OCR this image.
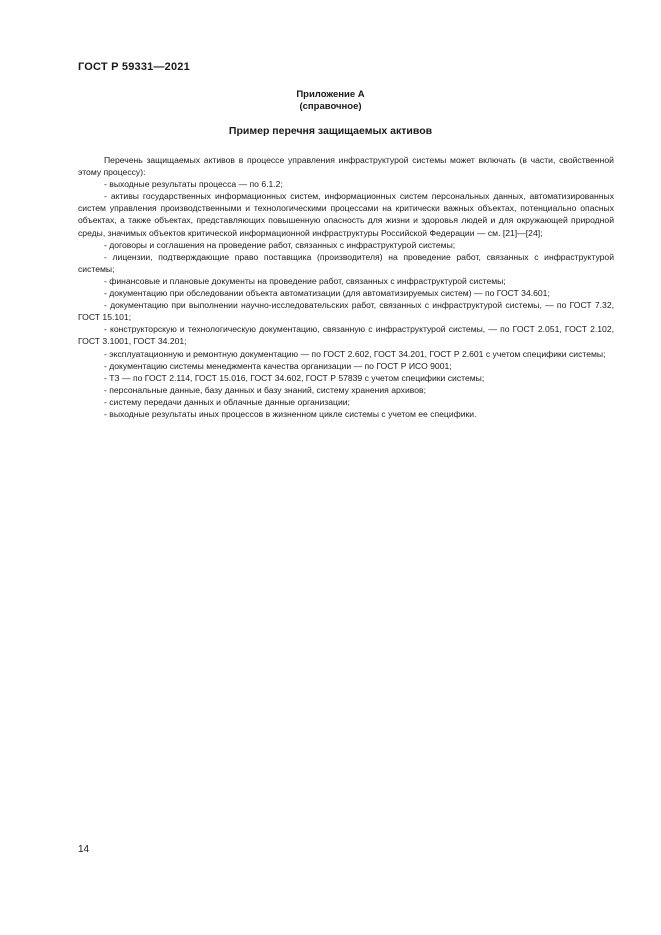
ГОСТ Р 59331—2021
Приложение А
(справочное)
Пример перечня защищаемых активов

Перечень защищаемых активов в процессе управления инфраструктурой системы может включать (в части, свойственной этому процессу):

- выходные результаты процесса — по 6.1.2;

- активы государственных информационных систем, информационных систем персональных данных, автоматизированных систем управления производственными и технологическими процессами на критически важных объектах, потенциально опасных объектах, а также объектах, представляющих повышенную опасность для жизни и здоровья людей и для окружающей природной среды, значимых объектов критической информационной инфраструктуры Российской Федерации — см. [21]—[24];

- договоры и соглашения на проведение работ, связанных с инфраструктурой системы;

- лицензии, подтверждающие право поставщика (производителя) на проведение работ, связанных с инфраструктурой системы;

- финансовые и плановые документы на проведение работ, связанных с инфраструктурой системы;

- документацию при обследовании объекта автоматизации (для автоматизируемых систем) — по ГОСТ 34.601;

- документацию при выполнении научно-исследовательских работ, связанных с инфраструктурой системы, — по ГОСТ 7.32, ГОСТ 15.101;

- конструкторскую и технологическую документацию, связанную с инфраструктурой системы, — по ГОСТ 2.051, ГОСТ 2.102, ГОСТ 3.1001, ГОСТ 34.201;

- эксплуатационную и ремонтную документацию — по ГОСТ 2.602, ГОСТ 34.201, ГОСТ Р 2.601 с учетом специфики системы;

- документацию системы менеджмента качества организации — по ГОСТ Р ИСО 9001;

- ТЗ — по ГОСТ 2.114, ГОСТ 15.016, ГОСТ 34.602, ГОСТ Р 57839 с учетом специфики системы;

- персональные данные, базу данных и базу знаний, систему хранения архивов;

- систему передачи данных и облачные данные организации;

- выходные результаты иных процессов в жизненном цикле системы с учетом ее специфики.

14
